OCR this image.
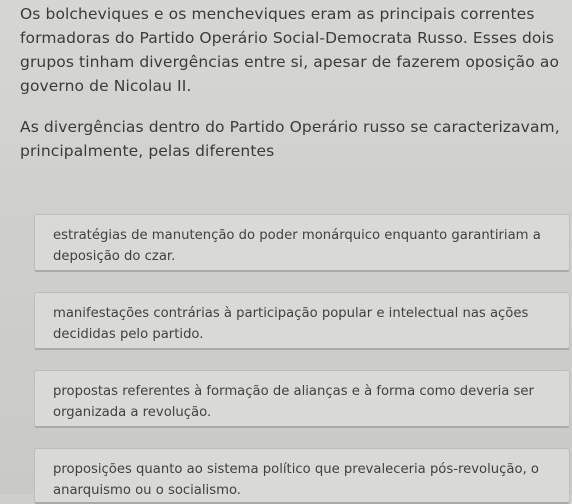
Os bolcheviques e os mencheviques eram as principais correntes formadoras do Partido Operário Social-Democrata Russo. Esses dois grupos tinham divergências entre si, apesar de fazerem oposição ao governo de Nicolau II.

As divergências dentro do Partido Operário russo se caracterizavam, principalmente, pelas diferentes

estratégias de manutenção do poder monárquico enquanto garantiriam a deposição do czar.
manifestações contrárias à participação popular e intelectual nas ações decididas pelo partido.
propostas referentes à formação de alianças e à forma como deveria ser organizada a revolução.
proposições quanto ao sistema político que prevaleceria pós-revolução, o anarquismo ou o socialismo.
